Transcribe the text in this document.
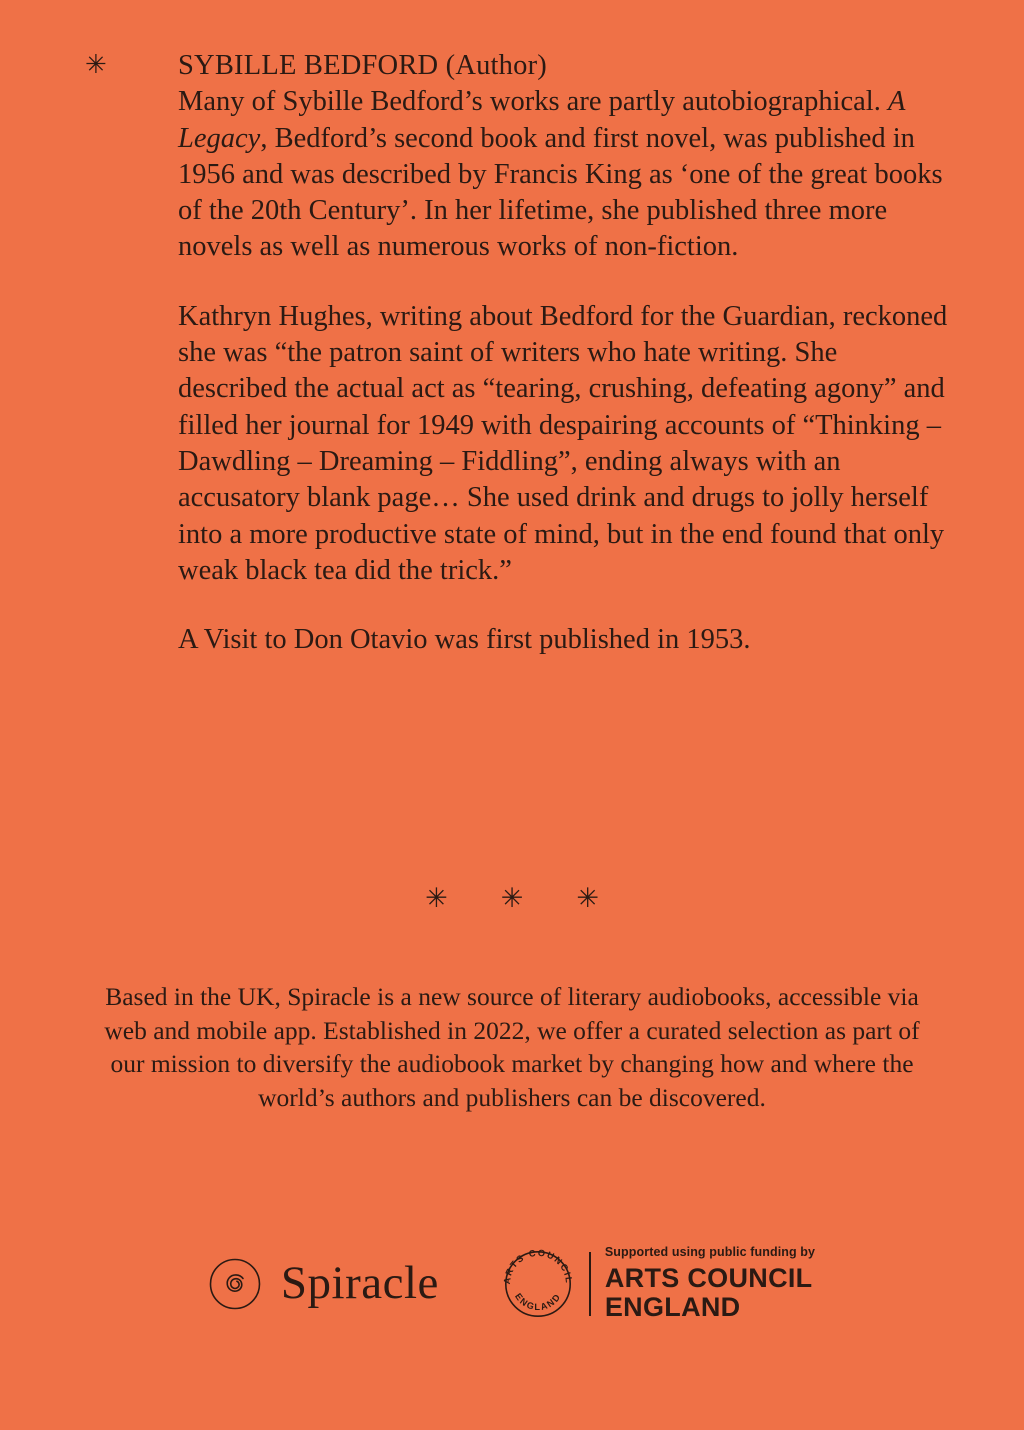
✳ SYBILLE BEDFORD (Author)

Many of Sybille Bedford’s works are partly autobiographical. A Legacy, Bedford’s second book and first novel, was published in 1956 and was described by Francis King as ‘one of the great books of the 20th Century’. In her lifetime, she published three more novels as well as numerous works of non-fiction.

Kathryn Hughes, writing about Bedford for the Guardian, reckoned she was “the patron saint of writers who hate writing. She described the actual act as “tearing, crushing, defeating agony” and filled her journal for 1949 with despairing accounts of “Thinking – Dawdling – Dreaming – Fiddling”, ending always with an accusatory blank page… She used drink and drugs to jolly herself into a more productive state of mind, but in the end found that only weak black tea did the trick.”

A Visit to Don Otavio was first published in 1953.

✳ ✳ ✳
Based in the UK, Spiracle is a new source of literary audiobooks, accessible via web and mobile app. Established in 2022, we offer a curated selection as part of our mission to diversify the audiobook market by changing how and where the world’s authors and publishers can be discovered.
Spiracle	ARTS COUNCIL
ENGLAND
Supported using public funding by
ARTS COUNCIL
ENGLAND
